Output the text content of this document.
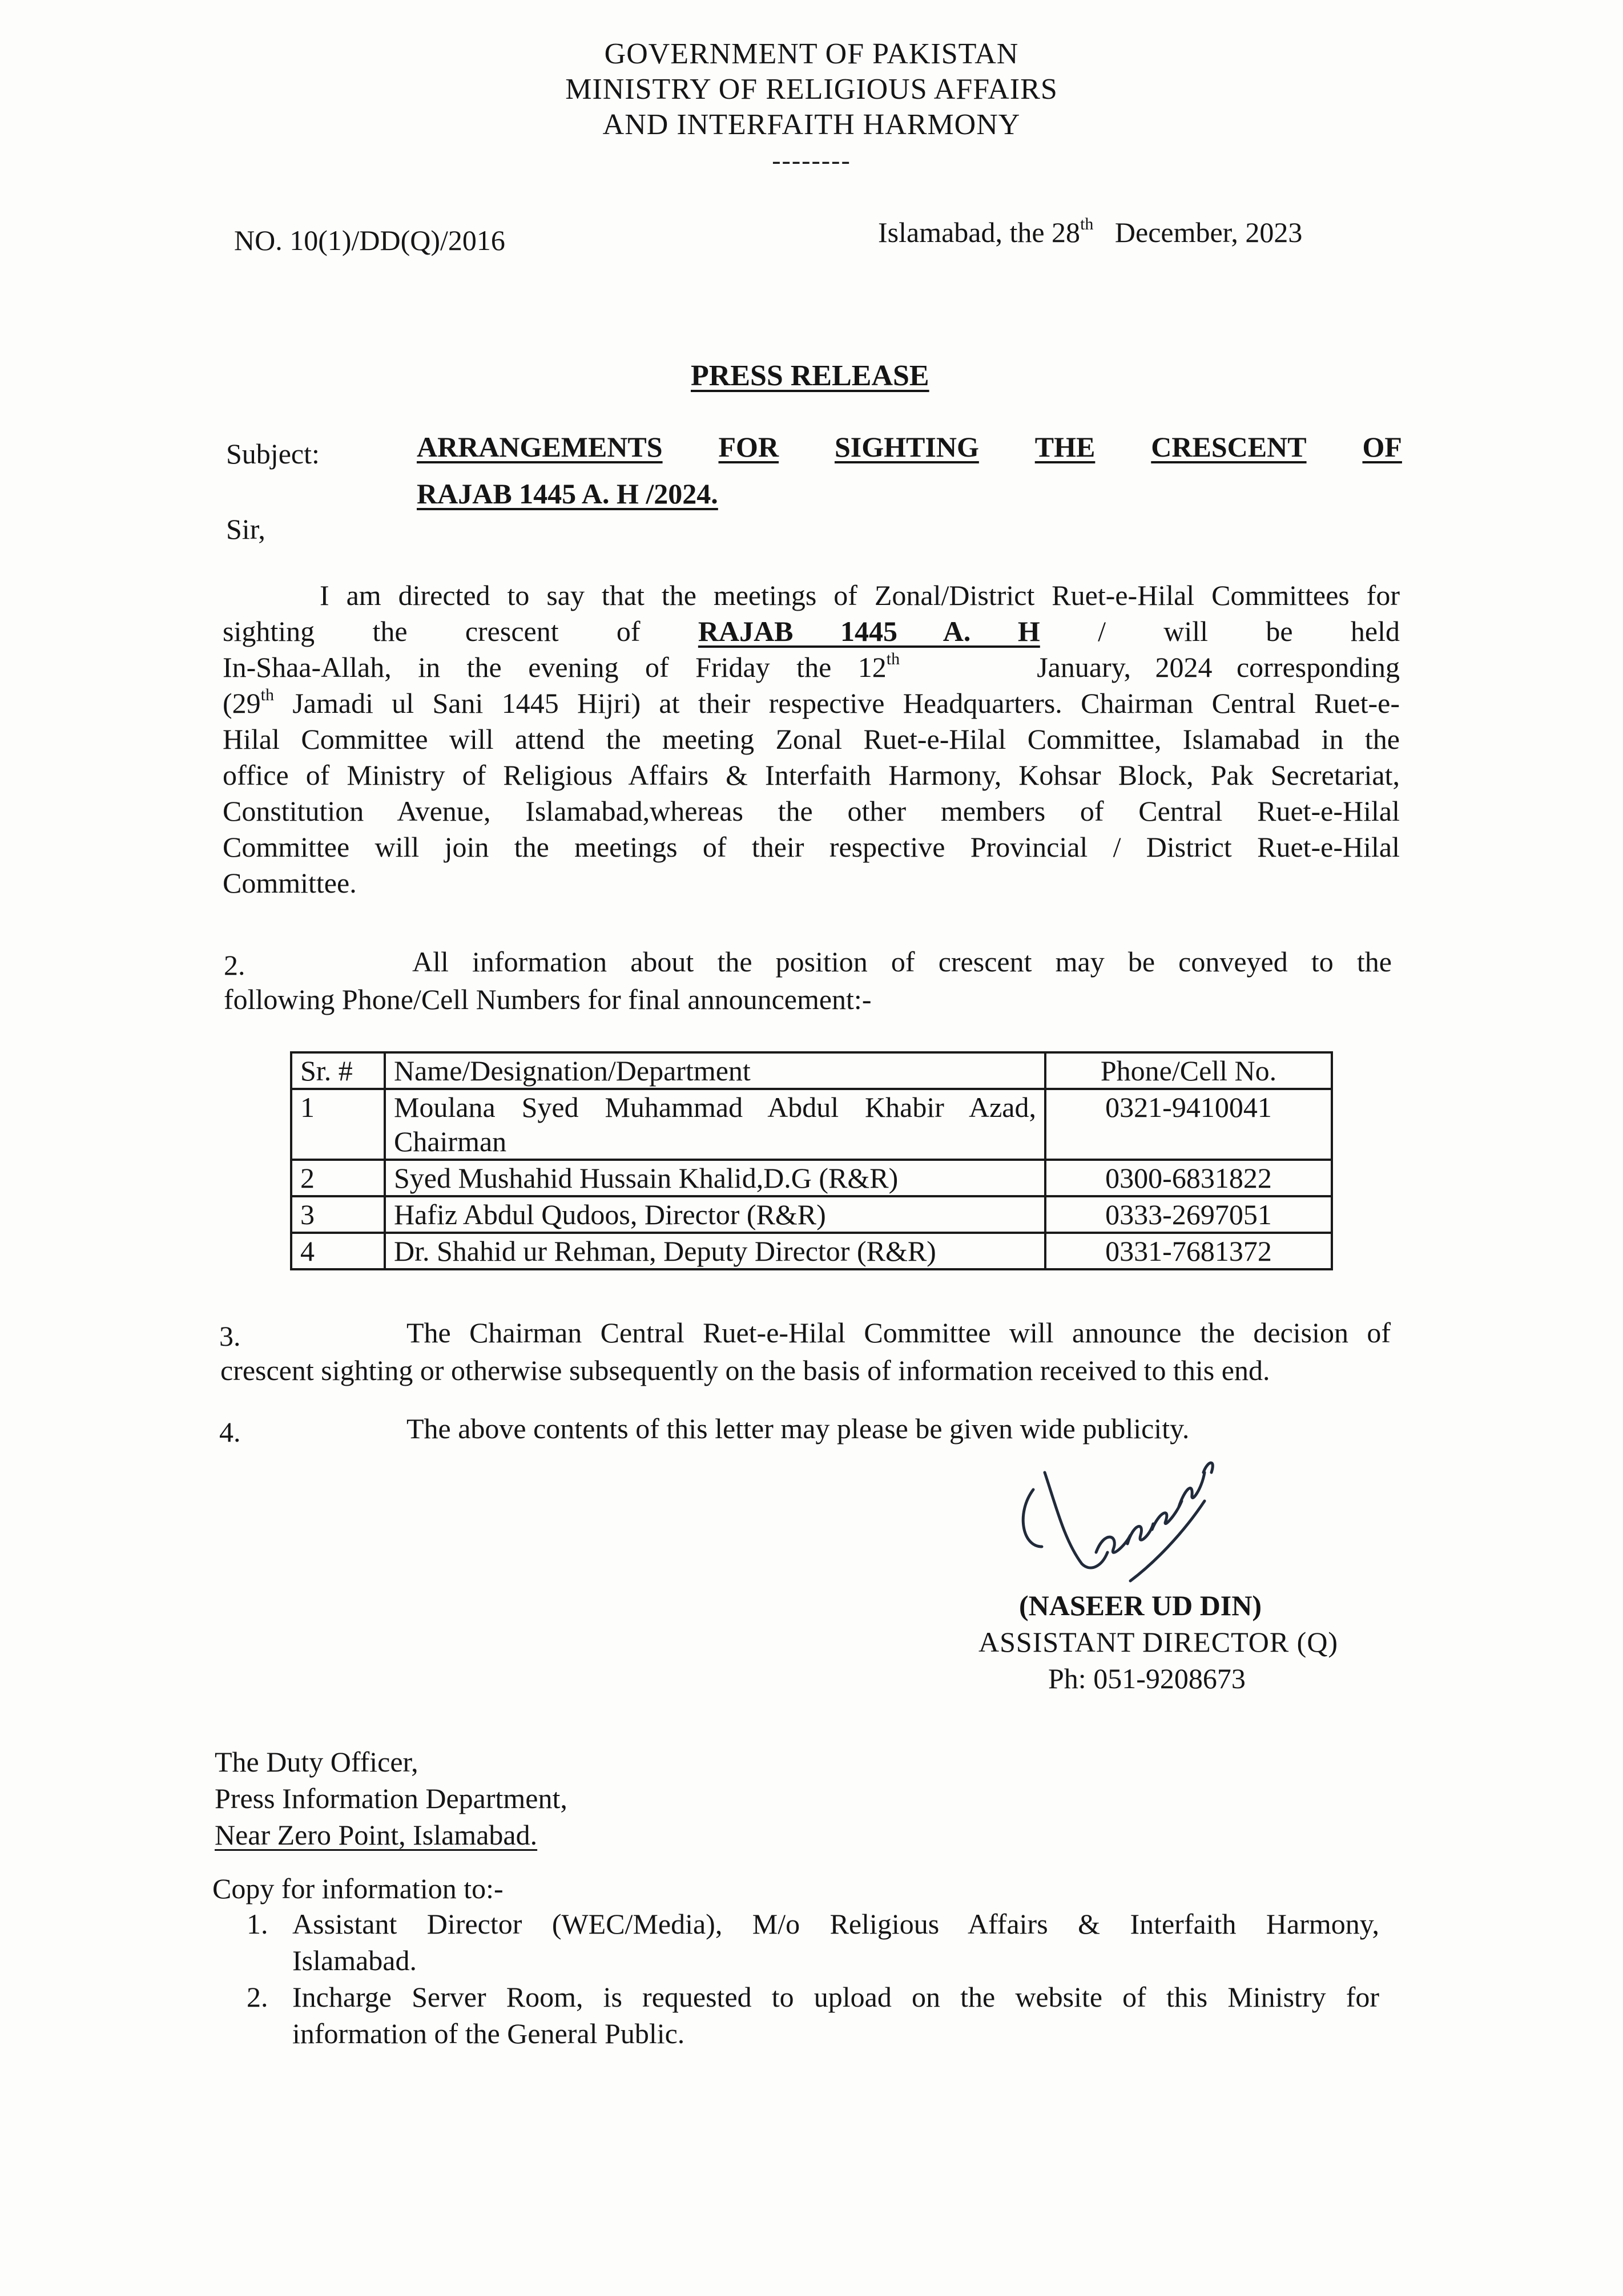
GOVERNMENT OF PAKISTAN
MINISTRY OF RELIGIOUS AFFAIRS
AND INTERFAITH HARMONY
--------
NO. 10(1)/DD(Q)/2016	Islamabad, the 28th December, 2023
PRESS RELEASE
Subject:	ARRANGEMENTS FOR SIGHTING THE CRESCENT OF
RAJAB 1445 A. H /2024.
Sir,
I am directed to say that the meetings of Zonal/District Ruet-e-Hilal Committees for
sighting the crescent of RAJAB 1445 A. H / will be held
In-Shaa-Allah, in the evening of Friday the 12th	January, 2024 corresponding
(29th Jamadi ul Sani 1445 Hijri) at their respective Headquarters. Chairman Central Ruet-e-
Hilal Committee will attend the meeting Zonal Ruet-e-Hilal Committee, Islamabad in the
office of Ministry of Religious Affairs & Interfaith Harmony, Kohsar Block, Pak Secretariat,
Constitution Avenue, Islamabad,whereas the other members of Central Ruet-e-Hilal
Committee will join the meetings of their respective Provincial / District Ruet-e-Hilal
Committee.
2.	All information about the position of crescent may be conveyed to the
following Phone/Cell Numbers for final announcement:-
Sr. #	Name/Designation/Department	Phone/Cell No.
1	Moulana Syed Muhammad Abdul Khabir Azad,
Chairman	0321-9410041
2	Syed Mushahid Hussain Khalid,D.G (R&R)	0300-6831822
3	Hafiz Abdul Qudoos, Director (R&R)	0333-2697051
4	Dr. Shahid ur Rehman, Deputy Director (R&R)	0331-7681372
3.	The Chairman Central Ruet-e-Hilal Committee will announce the decision of
crescent sighting or otherwise subsequently on the basis of information received to this end.
4.	The above contents of this letter may please be given wide publicity.
(NASEER UD DIN)
ASSISTANT DIRECTOR (Q)
Ph: 051-9208673
The Duty Officer,
Press Information Department,
Near Zero Point, Islamabad.
Copy for information to:-
1. Assistant Director (WEC/Media), M/o Religious Affairs & Interfaith Harmony,
Islamabad.
2. Incharge Server Room, is requested to upload on the website of this Ministry for
information of the General Public.
